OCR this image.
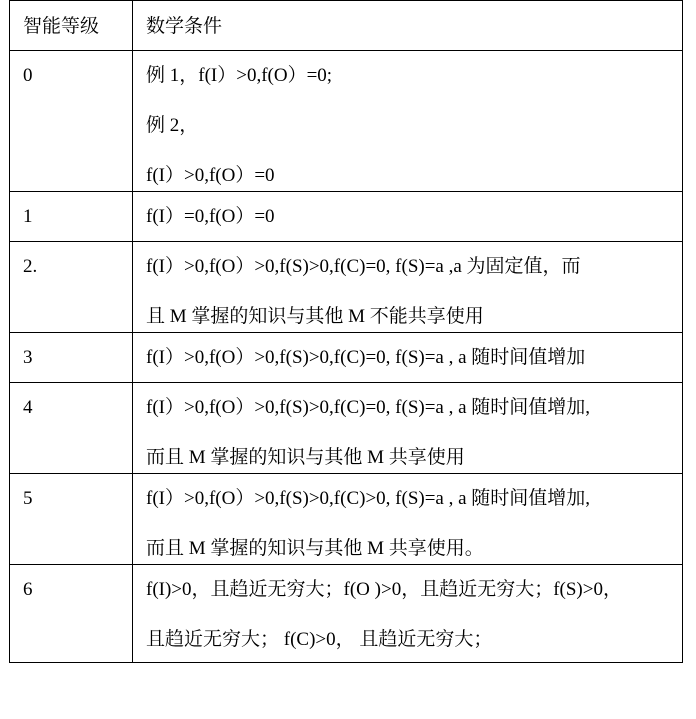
智能等级	数学条件
0	例 1，f(I）>0,f(O）=0;
例 2，
f(I）>0,f(O）=0

1	f(I）=0,f(O）=0

2.	f(I）>0,f(O）>0,f(S)>0,f(C)=0, f(S)=a ,a 为固定值，而
且 M 掌握的知识与其他 M 不能共享使用

3	f(I）>0,f(O）>0,f(S)>0,f(C)=0, f(S)=a , a 随时间值增加

4	f(I）>0,f(O）>0,f(S)>0,f(C)=0, f(S)=a , a 随时间值增加,
而且 M 掌握的知识与其他 M 共享使用

5	f(I）>0,f(O）>0,f(S)>0,f(C)>0, f(S)=a , a 随时间值增加,
而且 M 掌握的知识与其他 M 共享使用。

6	f(I)>0，且趋近无穷大；f(O )>0，且趋近无穷大；f(S)>0，
且趋近无穷大； f(C)>0， 且趋近无穷大；
